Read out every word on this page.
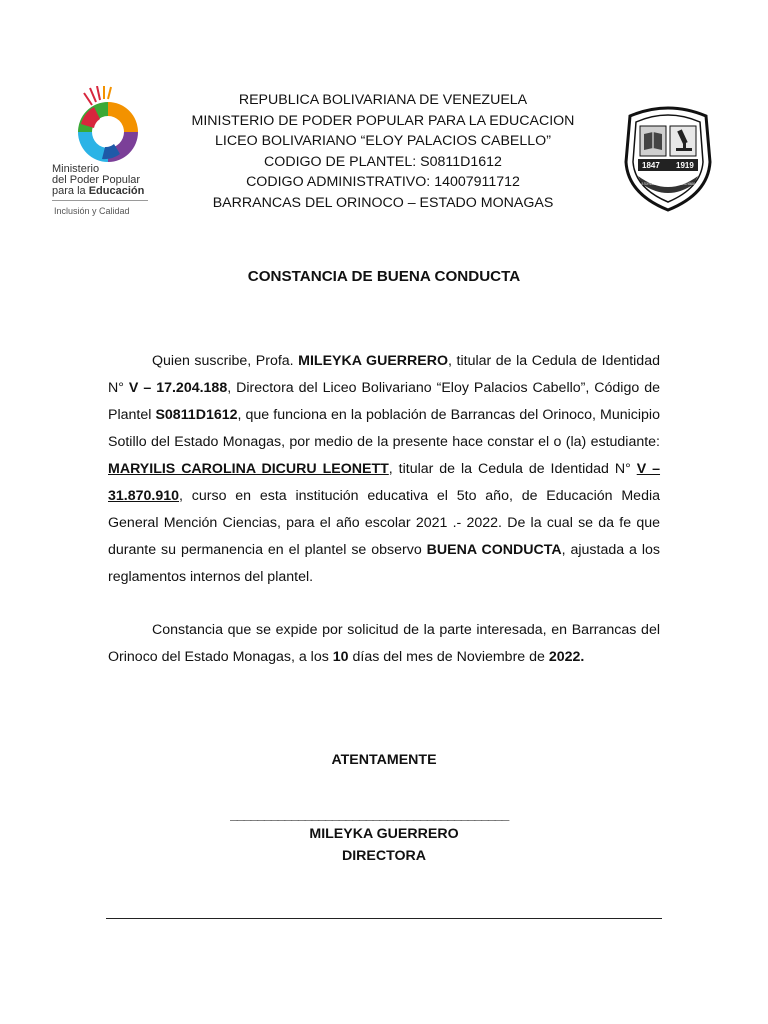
Ministerio
del Poder Popular
para la Educación
Inclusión y Calidad
REPUBLICA BOLIVARIANA DE VENEZUELA
MINISTERIO DE PODER POPULAR PARA LA EDUCACION
LICEO BOLIVARIANO “ELOY PALACIOS CABELLO”
CODIGO DE PLANTEL: S0811D1612
CODIGO ADMINISTRATIVO: 14007911712
BARRANCAS DEL ORINOCO – ESTADO MONAGAS
1847 1919
L.B. "ELOY PALACIOS CABELLO" BARRANCAS DEL ORINOCO EDO. MONAGAS
CONSTANCIA DE BUENA CONDUCTA

Quien suscribe, Profa. MILEYKA GUERRERO, titular de la Cedula de Identidad N° V – 17.204.188, Directora del Liceo Bolivariano “Eloy Palacios Cabello”, Código de Plantel S0811D1612, que funciona en la población de Barrancas del Orinoco, Municipio Sotillo del Estado Monagas, por medio de la presente hace constar el o (la) estudiante: MARYILIS CAROLINA DICURU LEONETT, titular de la Cedula de Identidad N° V – 31.870.910, curso en esta institución educativa el 5to año, de Educación Media General Mención Ciencias, para el año escolar 2021 .- 2022. De la cual se da fe que durante su permanencia en el plantel se observo BUENA CONDUCTA, ajustada a los reglamentos internos del plantel.

Constancia que se expide por solicitud de la parte interesada, en Barrancas del Orinoco del Estado Monagas, a los 10 días del mes de Noviembre de 2022.

ATENTAMENTE
_________________________________________
MILEYKA GUERRERO
DIRECTORA
